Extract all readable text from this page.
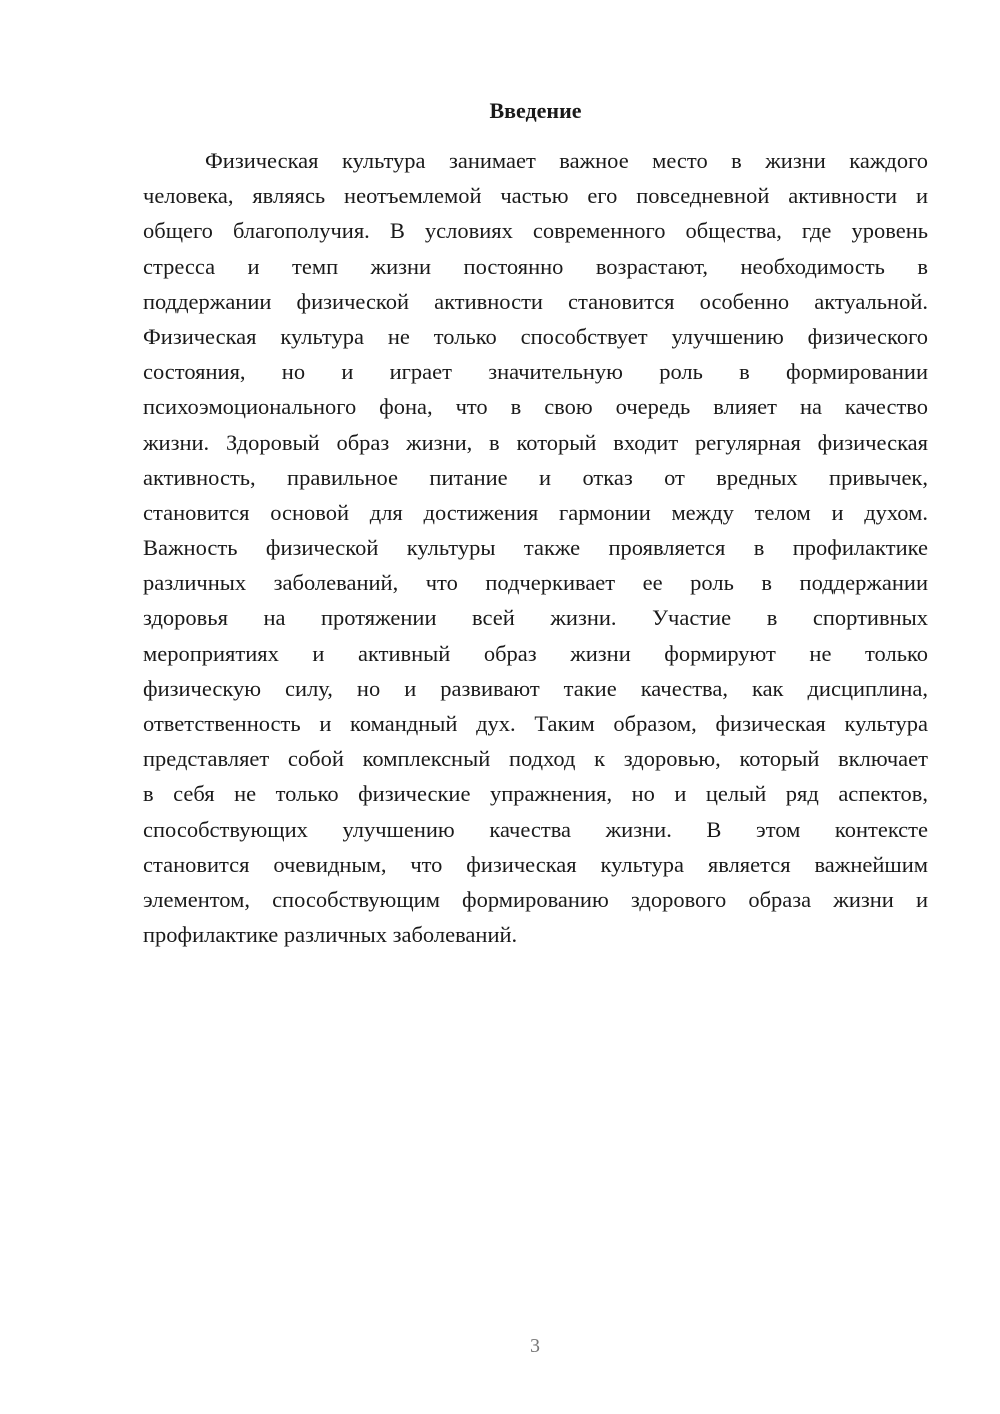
Введение
Физическая культура занимает важное место в жизни каждого
человека, являясь неотъемлемой частью его повседневной активности и
общего благополучия. В условиях современного общества, где уровень
стресса и темп жизни постоянно возрастают, необходимость в
поддержании физической активности становится особенно актуальной.
Физическая культура не только способствует улучшению физического
состояния, но и играет значительную роль в формировании
психоэмоционального фона, что в свою очередь влияет на качество
жизни. Здоровый образ жизни, в который входит регулярная физическая
активность, правильное питание и отказ от вредных привычек,
становится основой для достижения гармонии между телом и духом.
Важность физической культуры также проявляется в профилактике
различных заболеваний, что подчеркивает ее роль в поддержании
здоровья на протяжении всей жизни. Участие в спортивных
мероприятиях и активный образ жизни формируют не только
физическую силу, но и развивают такие качества, как дисциплина,
ответственность и командный дух. Таким образом, физическая культура
представляет собой комплексный подход к здоровью, который включает
в себя не только физические упражнения, но и целый ряд аспектов,
способствующих улучшению качества жизни. В этом контексте
становится очевидным, что физическая культура является важнейшим
элементом, способствующим формированию здорового образа жизни и
профилактике различных заболеваний.
3
